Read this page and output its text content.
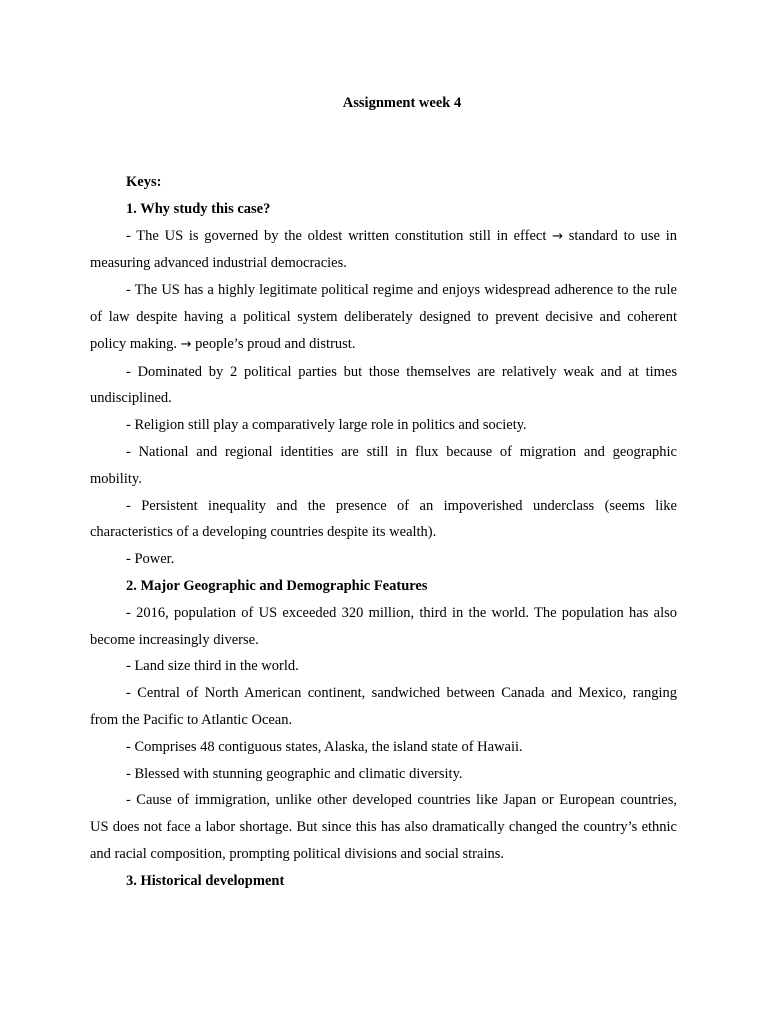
Assignment week 4

Keys:

1. Why study this case?

- The US is governed by the oldest written constitution still in effect → standard to use in measuring advanced industrial democracies.

- The US has a highly legitimate political regime and enjoys widespread adherence to the rule of law despite having a political system deliberately designed to prevent decisive and coherent policy making. → people’s proud and distrust.

- Dominated by 2 political parties but those themselves are relatively weak and at times undisciplined.

- Religion still play a comparatively large role in politics and society.

- National and regional identities are still in flux because of migration and geographic mobility.

- Persistent inequality and the presence of an impoverished underclass (seems like characteristics of a developing countries despite its wealth).

- Power.

2. Major Geographic and Demographic Features

- 2016, population of US exceeded 320 million, third in the world. The population has also become increasingly diverse.

- Land size third in the world.

- Central of North American continent, sandwiched between Canada and Mexico, ranging from the Pacific to Atlantic Ocean.

- Comprises 48 contiguous states, Alaska, the island state of Hawaii.

- Blessed with stunning geographic and climatic diversity.

- Cause of immigration, unlike other developed countries like Japan or European countries, US does not face a labor shortage. But since this has also dramatically changed the country’s ethnic and racial composition, prompting political divisions and social strains.

3. Historical development
